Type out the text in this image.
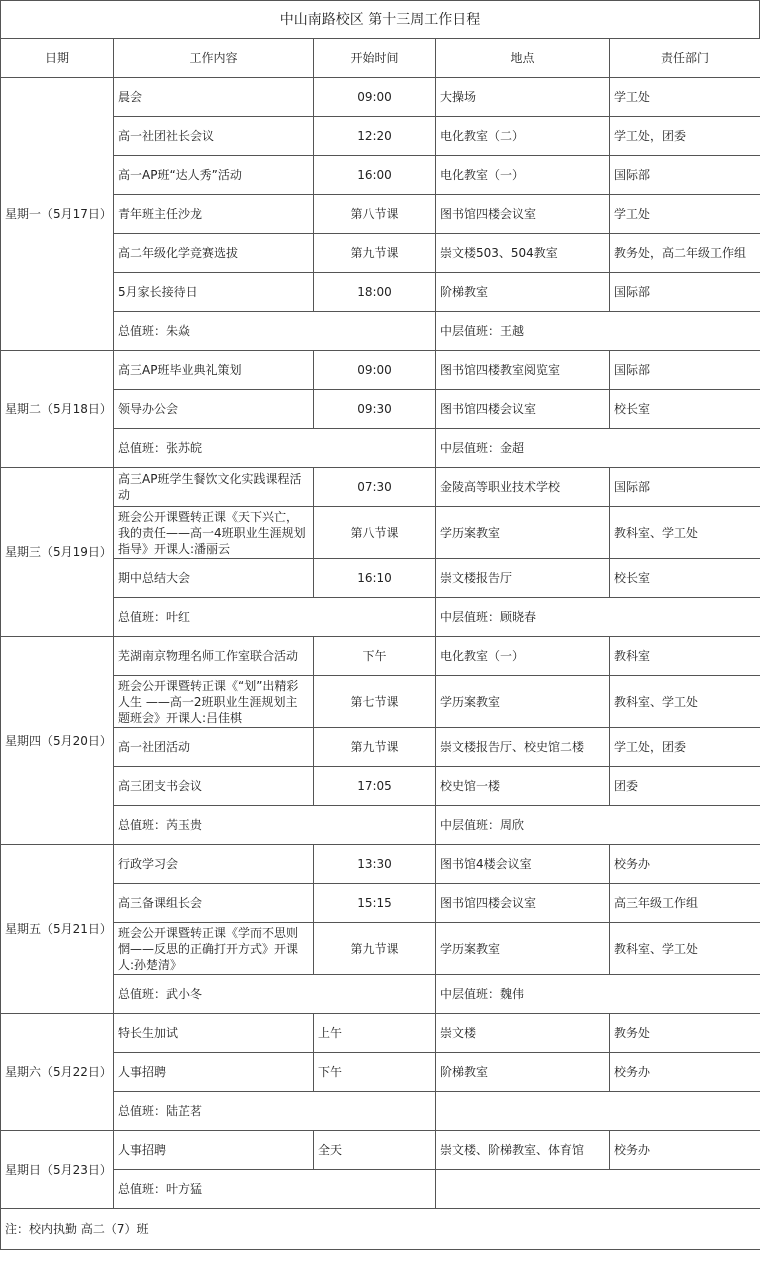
中山南路校区 第十三周工作日程
日期	工作内容	开始时间	地点	责任部门
星期一（5月17日）	晨会	09:00	大操场	学工处
	高一社团社长会议	12:20	电化教室（二）	学工处，团委
	高一AP班“达人秀”活动	16:00	电化教室（一）	国际部
	青年班主任沙龙	第八节课	图书馆四楼会议室	学工处
	高二年级化学竞赛选拔	第九节课	崇文楼503、504教室	教务处，高二年级工作组
	5月家长接待日	18:00	阶梯教室	国际部
	总值班：朱焱		中层值班：王越	
星期二（5月18日）	高三AP班毕业典礼策划	09:00	图书馆四楼教室阅览室	国际部
	领导办公会	09:30	图书馆四楼会议室	校长室
	总值班：张苏皖		中层值班：金超	
星期三（5月19日）	高三AP班学生餐饮文化实践课程活动	07:30	金陵高等职业技术学校	国际部
	班会公开课暨转正课《天下兴亡，我的责任——高一4班职业生涯规划指导》开课人:潘丽云	第八节课	学历案教室	教科室、学工处
	期中总结大会	16:10	崇文楼报告厅	校长室
	总值班：叶红		中层值班：顾晓春	
星期四（5月20日）	芜湖南京物理名师工作室联合活动	下午	电化教室（一）	教科室
	班会公开课暨转正课《“划”出精彩人生 ——高一2班职业生涯规划主题班会》开课人:吕佳棋	第七节课	学历案教室	教科室、学工处
	高一社团活动	第九节课	崇文楼报告厅、校史馆二楼	学工处，团委
	高三团支书会议	17:05	校史馆一楼	团委
	总值班：芮玉贵		中层值班：周欣	
星期五（5月21日）	行政学习会	13:30	图书馆4楼会议室	校务办
	高三备课组长会	15:15	图书馆四楼会议室	高三年级工作组
	班会公开课暨转正课《学而不思则惘——反思的正确打开方式》开课人:孙楚清》	第九节课	学历案教室	教科室、学工处
	总值班：武小冬		中层值班：魏伟	
星期六（5月22日）	特长生加试	上午	崇文楼	教务处
	人事招聘	下午	阶梯教室	校务办
	总值班：陆芷茗			
星期日（5月23日）	人事招聘	全天	崇文楼、阶梯教室、体育馆	校务办
	总值班：叶方猛			
注：校内执勤 高二（7）班				
